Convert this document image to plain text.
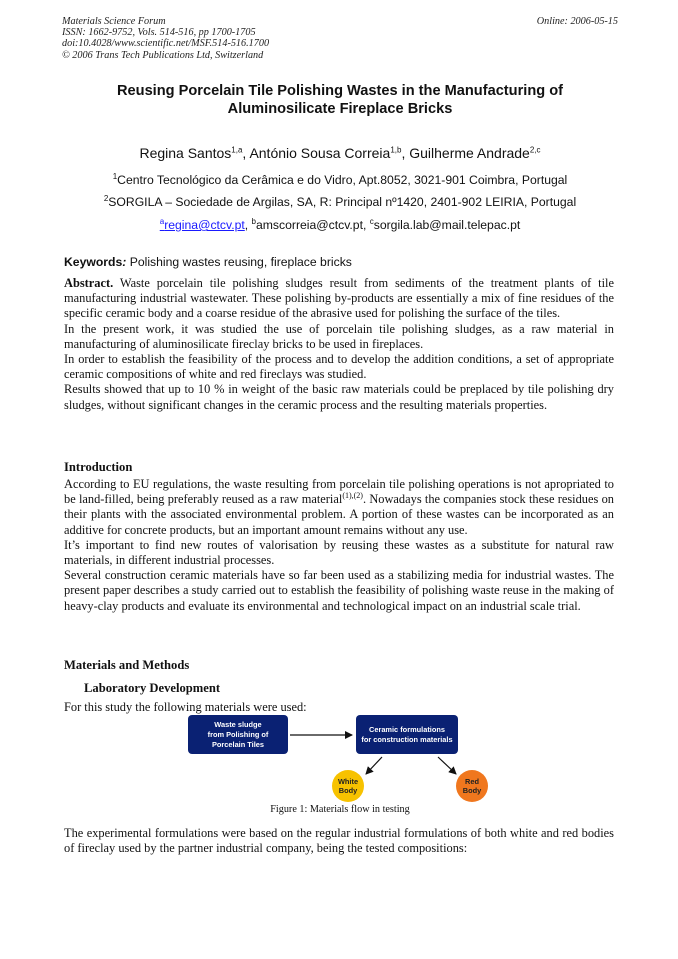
Materials Science Forum
ISSN: 1662-9752, Vols. 514-516, pp 1700-1705
doi:10.4028/www.scientific.net/MSF.514-516.1700
© 2006 Trans Tech Publications Ltd, Switzerland
Online: 2006-05-15
Reusing Porcelain Tile Polishing Wastes in the Manufacturing of
Aluminosilicate Fireplace Bricks
Regina Santos$^{1,a}$, António Sousa Correia$^{1,b}$, Guilherme Andrade$^{2,c}$
$^1$Centro Tecnológico da Cerâmica e do Vidro, Apt.8052, 3021-901 Coimbra, Portugal
$^2$SORGILA – Sociedade de Argilas, SA, R: Principal nº1420, 2401-902 LEIRIA, Portugal
$^a$regina@ctcv.pt, $^b$amscorreia@ctcv.pt, $^c$sorgila.lab@mail.telepac.pt
Keywords: Polishing wastes reusing, fireplace bricks

Abstract. Waste porcelain tile polishing sludges result from sediments of the treatment plants of tile manufacturing industrial wastewater. These polishing by-products are essentially a mix of fine residues of the specific ceramic body and a coarse residue of the abrasive used for polishing the surface of the tiles.

In the present work, it was studied the use of porcelain tile polishing sludges, as a raw material in manufacturing of aluminosilicate fireclay bricks to be used in fireplaces.

In order to establish the feasibility of the process and to develop the addition conditions, a set of appropriate ceramic compositions of white and red fireclays was studied.

Results showed that up to 10 % in weight of the basic raw materials could be preplaced by tile polishing dry sludges, without significant changes in the ceramic process and the resulting materials properties.

Introduction

According to EU regulations, the waste resulting from porcelain tile polishing operations is not apropriated to be land-filled, being preferably reused as a raw material$^{(1),(2)}$. Nowadays the companies stock these residues on their plants with the associated environmental problem. A portion of these wastes can be incorporated as an additive for concrete products, but an important amount remains without any use.

It’s important to find new routes of valorisation by reusing these wastes as a substitute for natural raw materials, in different industrial processes.

Several construction ceramic materials have so far been used as a stabilizing media for industrial wastes. The present paper describes a study carried out to establish the feasibility of polishing waste reuse in the making of heavy-clay products and evaluate its environmental and technological impact on an industrial scale trial.

Materials and Methods
Laboratory Development

For this study the following materials were used:

Waste sludge
from Polishing of
Porcelain Tiles
Ceramic formulations
for construction materials
White
Body
Red
Body
Figure 1: Materials flow in testing

The experimental formulations were based on the regular industrial formulations of both white and red bodies of fireclay used by the partner industrial company, being the tested compositions:
